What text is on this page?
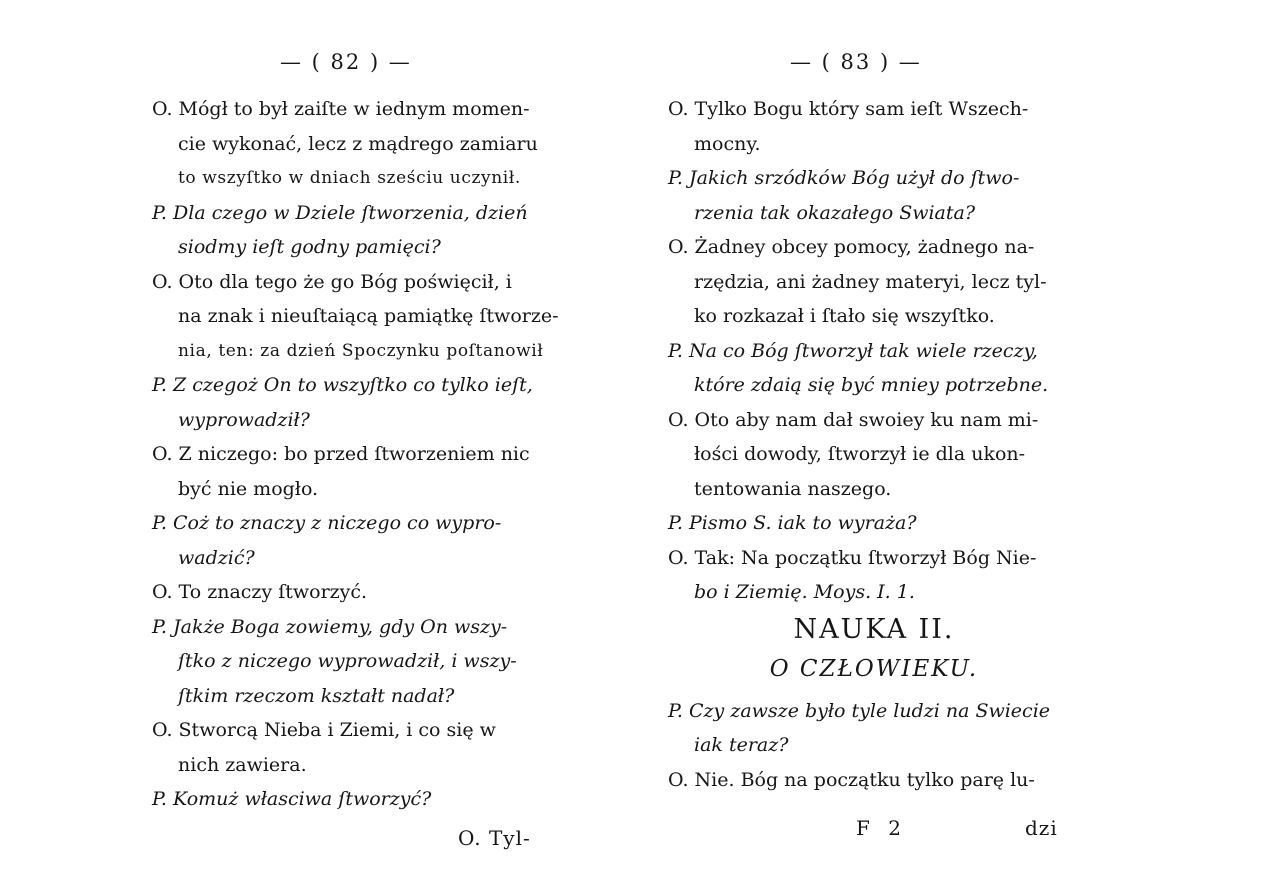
— ( 82 ) —
O. Mógł to był zaiſte w iednym momen-
cie wykonać, lecz z mądrego zamiaru
to wszyſtko w dniach sześciu uczynił.
P. Dla czego w Dziele ſtworzenia, dzień
siodmy ieſt godny pamięci?
O. Oto dla tego że go Bóg poświęcił, i
na znak i nieuſtaiącą pamiątkę ſtworze-
nia, ten: za dzień Spoczynku poſtanowił
P. Z czegoż On to wszyſtko co tylko ieſt,
wyprowadził?
O. Z niczego: bo przed ſtworzeniem nic
być nie mogło.
P. Coż to znaczy z niczego co wypro-
wadzić?
O. To znaczy ſtworzyć.
P. Jakże Boga zowiemy, gdy On wszy-
ſtko z niczego wyprowadził, i wszy-
ſtkim rzeczom kształt nadał?
O. Stworcą Nieba i Ziemi, i co się w
nich zawiera.
P. Komuż własciwa ſtworzyć?
O. Tyl-
— ( 83 ) —
O. Tylko Bogu który sam ieſt Wszech-
mocny.
P. Jakich srzódków Bóg użył do ſtwo-
rzenia tak okazałego Swiata?
O. Żadney obcey pomocy, żadnego na-
rzędzia, ani żadney materyi, lecz tyl-
ko rozkazał i ſtało się wszyſtko.
P. Na co Bóg ſtworzył tak wiele rzeczy,
które zdaią się być mniey potrzebne.
O. Oto aby nam dał swoiey ku nam mi-
łości dowody, ſtworzył ie dla ukon-
tentowania naszego.
P. Pismo S. iak to wyraża?
O. Tak: Na początku ſtworzył Bóg Nie-
bo i Ziemię. Moys. I. 1.
NAUKA II.
O CZŁOWIEKU.
P. Czy zawsze było tyle ludzi na Swiecie
iak teraz?
O. Nie. Bóg na początku tylko parę lu-
F 2	dzi
